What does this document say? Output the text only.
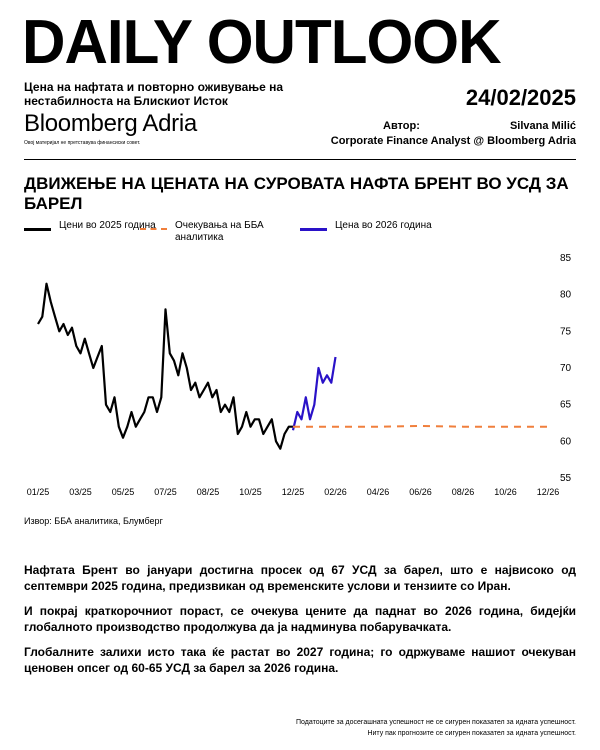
DAILY OUTLOOK
Цена на нафтата и повторно оживување на нестабилноста на Блискиот Исток	24/02/2025
Bloomberg Adria
Овој материјал не претставува финансиски совет.
Автор:	Silvana Milić
Corporate Finance Analyst @ Bloomberg Adria
ДВИЖЕЊЕ НА ЦЕНАТА НА СУРОВАТА НАФТА БРЕНТ ВО УСД ЗА БАРЕЛ
Цени во 2025 година	Очекувања на ББА аналитика
Цена во 2026 година
55
60
65
70
75
80
85
01/25 03/25 05/25 07/25 08/25 10/25 12/25 02/26 04/26 06/26 08/26 10/26 12/26
Извор: ББА аналитика, Блумберг
Нафтата Брент во јануари достигна просек од 67 УСД за барел, што е највисоко од септември 2025 година, предизвикан од временските услови и тензиите со Иран.
И покрај краткорочниот пораст, се очекува цените да паднат во 2026 година, бидејќи глобалното производство продолжува да ја надминува побарувачката.
Глобалните залихи исто така ќе растат во 2027 година; го одржуваме нашиот очекуван ценовен опсег од 60-65 УСД за барел за 2026 година.
Податоците за досегашната успешност не се сигурен показател за идната успешност.
Ниту пак прогнозите се сигурен показател за идната успешност.
